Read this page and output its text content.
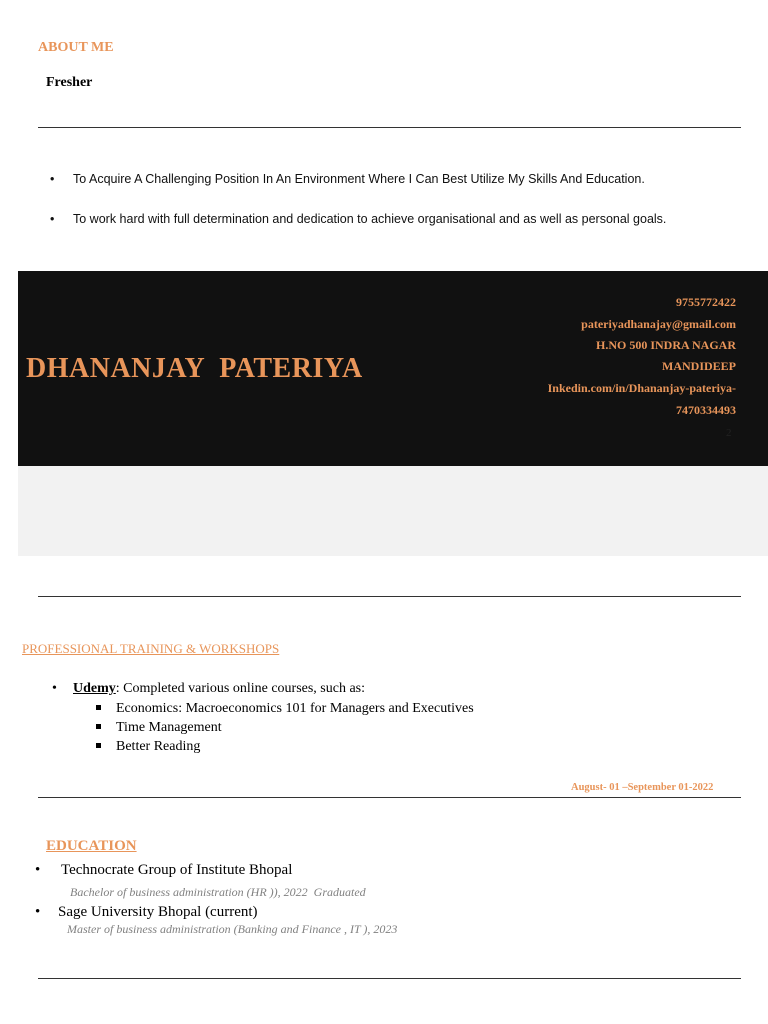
ABOUT ME
Fresher
• To Acquire A Challenging Position In An Environment Where I Can Best Utilize My Skills And Education.
• To work hard with full determination and dedication to achieve organisational and as well as personal goals.
DHANANJAY  PATERIYA
9755772422
pateriyadhanajay@gmail.com
H.NO 500 INDRA NAGAR
MANDIDEEP
Inkedin.com/in/Dhananjay-pateriya-
7470334493
2
PROFESSIONAL TRAINING & WORKSHOPS
• Udemy: Completed various online courses, such as:
Economics: Macroeconomics 101 for Managers and Executives
Time Management
Better Reading
August- 01 –September 01-2022
EDUCATION
• Technocrate Group of Institute Bhopal
Bachelor of business administration (HR )), 2022  Graduated
• Sage University Bhopal (current)
Master of business administration (Banking and Finance , IT ), 2023
